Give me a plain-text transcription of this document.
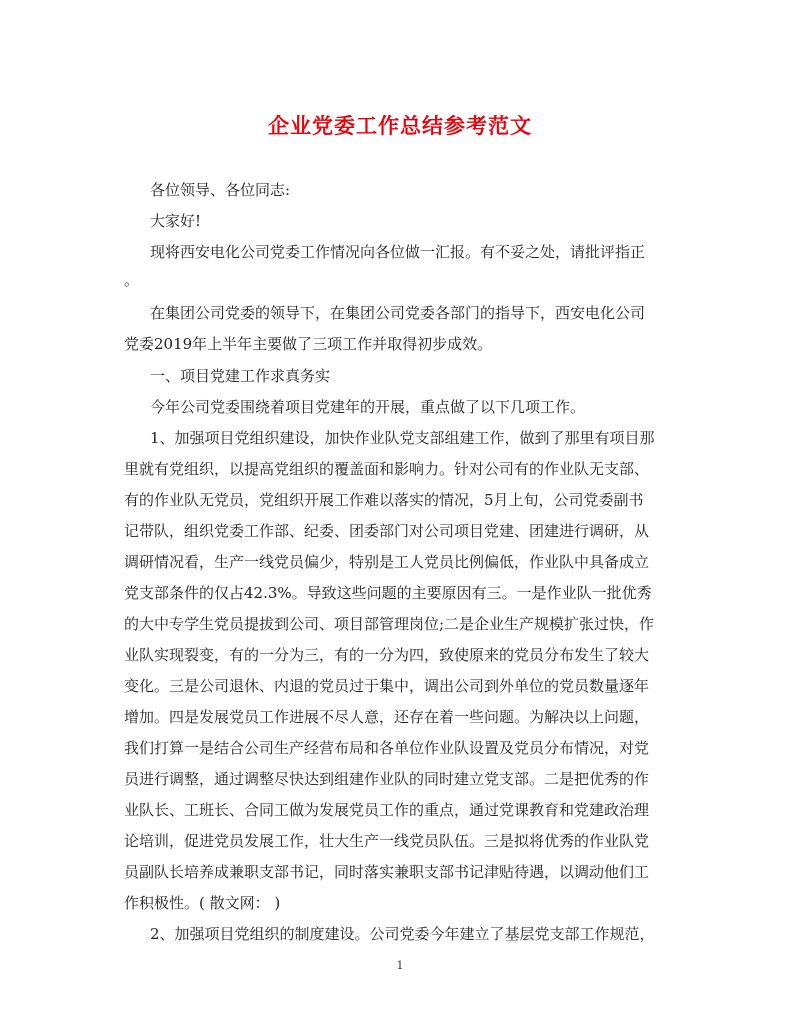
企业党委工作总结参考范文
各位领导、各位同志:
大家好!
现将西安电化公司党委工作情况向各位做一汇报。有不妥之处，请批评指正
。
在集团公司党委的领导下，在集团公司党委各部门的指导下，西安电化公司
党委2019年上半年主要做了三项工作并取得初步成效。
一、项目党建工作求真务实
今年公司党委围绕着项目党建年的开展，重点做了以下几项工作。
1、加强项目党组织建设，加快作业队党支部组建工作，做到了那里有项目那
里就有党组织，以提高党组织的覆盖面和影响力。针对公司有的作业队无支部、
有的作业队无党员，党组织开展工作难以落实的情况，5月上旬，公司党委副书
记带队，组织党委工作部、纪委、团委部门对公司项目党建、团建进行调研，从
调研情况看，生产一线党员偏少，特别是工人党员比例偏低，作业队中具备成立
党支部条件的仅占42.3%。导致这些问题的主要原因有三。一是作业队一批优秀
的大中专学生党员提拔到公司、项目部管理岗位;二是企业生产规模扩张过快，作
业队实现裂变，有的一分为三，有的一分为四，致使原来的党员分布发生了较大
变化。三是公司退休、内退的党员过于集中，调出公司到外单位的党员数量逐年
增加。四是发展党员工作进展不尽人意，还存在着一些问题。为解决以上问题，
我们打算一是结合公司生产经营布局和各单位作业队设置及党员分布情况，对党
员进行调整，通过调整尽快达到组建作业队的同时建立党支部。二是把优秀的作
业队长、工班长、合同工做为发展党员工作的重点，通过党课教育和党建政治理
论培训，促进党员发展工作，壮大生产一线党员队伍。三是拟将优秀的作业队党
员副队长培养成兼职支部书记，同时落实兼职支部书记津贴待遇，以调动他们工
作积极性。( 散文网： )
2、加强项目党组织的制度建设。公司党委今年建立了基层党支部工作规范，
1
